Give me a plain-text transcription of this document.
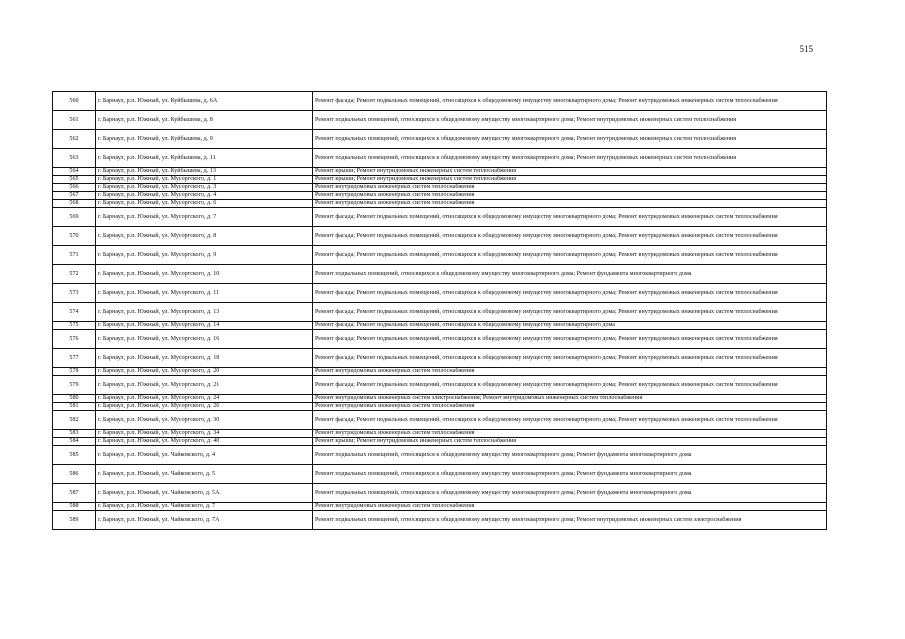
515
560	г. Барнаул, р.п. Южный, ул. Куйбышева, д. 6А	Ремонт фасада; Ремонт подвальных помещений, относящихся к общедомовому имуществу многоквартирного дома; Ремонт внутридомовых инженерных систем теплоснабжения
561	г. Барнаул, р.п. Южный, ул. Куйбышева, д. 8	Ремонт подвальных помещений, относящихся к общедомовому имуществу многоквартирного дома; Ремонт внутридомовых инженерных систем теплоснабжения
562	г. Барнаул, р.п. Южный, ул. Куйбышева, д. 9	Ремонт подвальных помещений, относящихся к общедомовому имуществу многоквартирного дома; Ремонт внутридомовых инженерных систем теплоснабжения
563	г. Барнаул, р.п. Южный, ул. Куйбышева, д. 11	Ремонт подвальных помещений, относящихся к общедомовому имуществу многоквартирного дома; Ремонт внутридомовых инженерных систем теплоснабжения
564	г. Барнаул, р.п. Южный, ул. Куйбышева, д. 13	Ремонт крыши; Ремонт внутридомовых инженерных систем теплоснабжения
565	г. Барнаул, р.п. Южный, ул. Мусоргского, д. 1	Ремонт крыши; Ремонт внутридомовых инженерных систем теплоснабжения
566	г. Барнаул, р.п. Южный, ул. Мусоргского, д. 3	Ремонт внутридомовых инженерных систем теплоснабжения
567	г. Барнаул, р.п. Южный, ул. Мусоргского, д. 4	Ремонт внутридомовых инженерных систем теплоснабжения
568	г. Барнаул, р.п. Южный, ул. Мусоргского, д. 6	Ремонт внутридомовых инженерных систем теплоснабжения
569	г. Барнаул, р.п. Южный, ул. Мусоргского, д. 7	Ремонт фасада; Ремонт подвальных помещений, относящихся к общедомовому имуществу многоквартирного дома; Ремонт внутридомовых инженерных систем теплоснабжения
570	г. Барнаул, р.п. Южный, ул. Мусоргского, д. 8	Ремонт фасада; Ремонт подвальных помещений, относящихся к общедомовому имуществу многоквартирного дома; Ремонт внутридомовых инженерных систем теплоснабжения
571	г. Барнаул, р.п. Южный, ул. Мусоргского, д. 9	Ремонт фасада; Ремонт подвальных помещений, относящихся к общедомовому имуществу многоквартирного дома; Ремонт внутридомовых инженерных систем теплоснабжения
572	г. Барнаул, р.п. Южный, ул. Мусоргского, д. 10	Ремонт подвальных помещений, относящихся к общедомовому имуществу многоквартирного дома; Ремонт фундамента многоквартирного дома
573	г. Барнаул, р.п. Южный, ул. Мусоргского, д. 11	Ремонт фасада; Ремонт подвальных помещений, относящихся к общедомовому имуществу многоквартирного дома; Ремонт внутридомовых инженерных систем теплоснабжения
574	г. Барнаул, р.п. Южный, ул. Мусоргского, д. 13	Ремонт фасада; Ремонт подвальных помещений, относящихся к общедомовому имуществу многоквартирного дома; Ремонт внутридомовых инженерных систем теплоснабжения
575	г. Барнаул, р.п. Южный, ул. Мусоргского, д. 14	Ремонт фасада; Ремонт подвальных помещений, относящихся к общедомовому имуществу многоквартирного дома
576	г. Барнаул, р.п. Южный, ул. Мусоргского, д. 16	Ремонт фасада; Ремонт подвальных помещений, относящихся к общедомовому имуществу многоквартирного дома; Ремонт внутридомовых инженерных систем теплоснабжения
577	г. Барнаул, р.п. Южный, ул. Мусоргского, д. 18	Ремонт фасада; Ремонт подвальных помещений, относящихся к общедомовому имуществу многоквартирного дома; Ремонт внутридомовых инженерных систем теплоснабжения
578	г. Барнаул, р.п. Южный, ул. Мусоргского, д. 20	Ремонт внутридомовых инженерных систем теплоснабжения
579	г. Барнаул, р.п. Южный, ул. Мусоргского, д. 21	Ремонт фасада; Ремонт подвальных помещений, относящихся к общедомовому имуществу многоквартирного дома; Ремонт внутридомовых инженерных систем теплоснабжения
580	г. Барнаул, р.п. Южный, ул. Мусоргского, д. 24	Ремонт внутридомовых инженерных систем электроснабжения; Ремонт внутридомовых инженерных систем теплоснабжения
581	г. Барнаул, р.п. Южный, ул. Мусоргского, д. 26	Ремонт внутридомовых инженерных систем теплоснабжения
582	г. Барнаул, р.п. Южный, ул. Мусоргского, д. 30	Ремонт фасада; Ремонт подвальных помещений, относящихся к общедомовому имуществу многоквартирного дома; Ремонт внутридомовых инженерных систем теплоснабжения
583	г. Барнаул, р.п. Южный, ул. Мусоргского, д. 34	Ремонт внутридомовых инженерных систем теплоснабжения
584	г. Барнаул, р.п. Южный, ул. Мусоргского, д. 40	Ремонт крыши; Ремонт внутридомовых инженерных систем теплоснабжения
585	г. Барнаул, р.п. Южный, ул. Чайковского, д. 4	Ремонт подвальных помещений, относящихся к общедомовому имуществу многоквартирного дома; Ремонт фундамента многоквартирного дома
586	г. Барнаул, р.п. Южный, ул. Чайковского, д. 5	Ремонт подвальных помещений, относящихся к общедомовому имуществу многоквартирного дома; Ремонт фундамента многоквартирного дома
587	г. Барнаул, р.п. Южный, ул. Чайковского, д. 5А	Ремонт подвальных помещений, относящихся к общедомовому имуществу многоквартирного дома; Ремонт фундамента многоквартирного дома
588	г. Барнаул, р.п. Южный, ул. Чайковского, д. 7	Ремонт внутридомовых инженерных систем теплоснабжения
589	г. Барнаул, р.п. Южный, ул. Чайковского, д. 7А	Ремонт подвальных помещений, относящихся к общедомовому имуществу многоквартирного дома; Ремонт внутридомовых инженерных систем электроснабжения
